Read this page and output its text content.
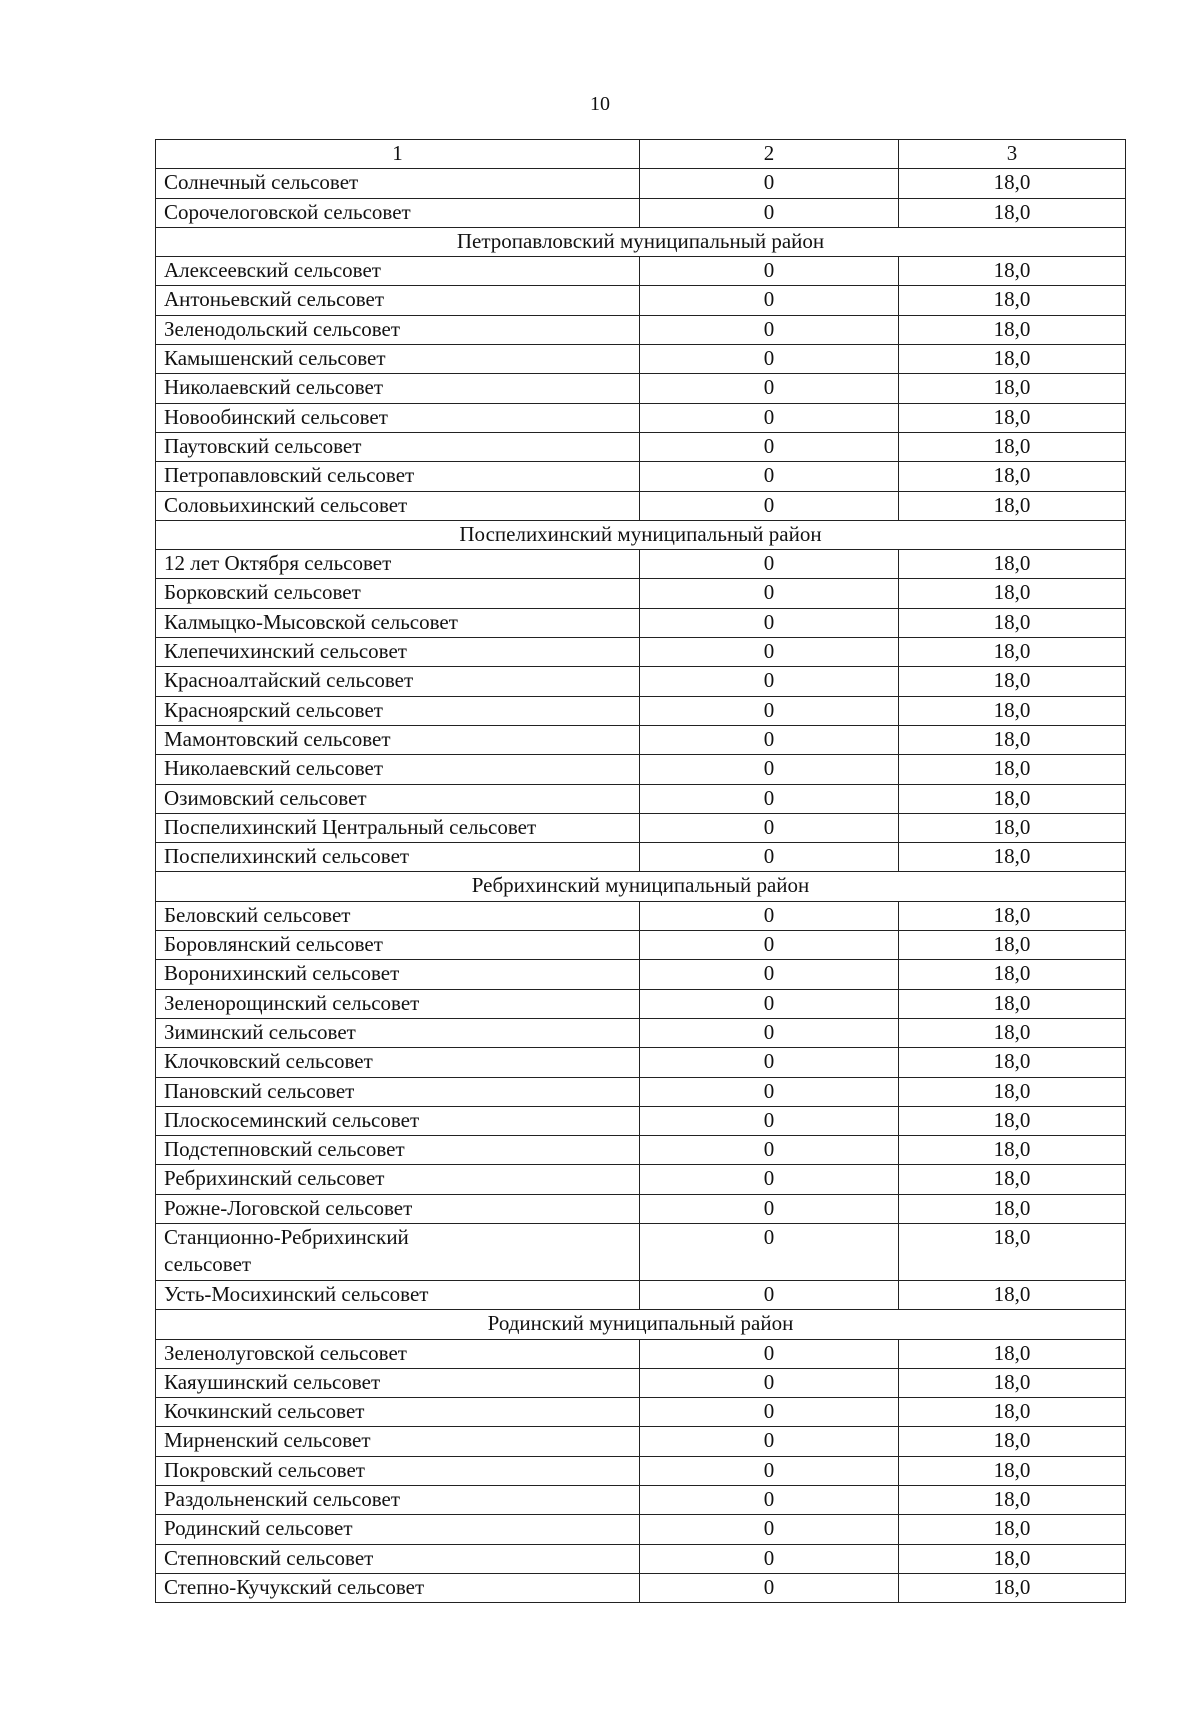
10
1	2	3

Солнечный сельсовет	0	18,0

Сорочелоговской сельсовет	0	18,0
Петропавловский муниципальный район		

Алексеевский сельсовет	0	18,0

Антоньевский сельсовет	0	18,0

Зеленодольский сельсовет	0	18,0

Камышенский сельсовет	0	18,0

Николаевский сельсовет	0	18,0

Новообинский сельсовет	0	18,0

Паутовский сельсовет	0	18,0

Петропавловский сельсовет	0	18,0

Соловьихинский сельсовет	0	18,0
Поспелихинский муниципальный район		

12 лет Октября сельсовет	0	18,0

Борковский сельсовет	0	18,0

Калмыцко-Мысовской сельсовет	0	18,0

Клепечихинский сельсовет	0	18,0

Красноалтайский сельсовет	0	18,0

Красноярский сельсовет	0	18,0

Мамонтовский сельсовет	0	18,0

Николаевский сельсовет	0	18,0

Озимовский сельсовет	0	18,0

Поспелихинский Центральный сельсовет	0	18,0

Поспелихинский сельсовет	0	18,0
Ребрихинский муниципальный район		

Беловский сельсовет	0	18,0

Боровлянский сельсовет	0	18,0

Воронихинский сельсовет	0	18,0

Зеленорощинский сельсовет	0	18,0

Зиминский сельсовет	0	18,0

Клочковский сельсовет	0	18,0

Пановский сельсовет	0	18,0

Плоскосеминский сельсовет	0	18,0

Подстепновский сельсовет	0	18,0

Ребрихинский сельсовет	0	18,0

Рожне-Логовской сельсовет	0	18,0

Станционно-Ребрихинский сельсовет	0	18,0

Усть-Мосихинский сельсовет	0	18,0
Родинский муниципальный район		

Зеленолуговской сельсовет	0	18,0

Каяушинский сельсовет	0	18,0

Кочкинский сельсовет	0	18,0

Мирненский сельсовет	0	18,0

Покровский сельсовет	0	18,0

Раздольненский сельсовет	0	18,0

Родинский сельсовет	0	18,0

Степновский сельсовет	0	18,0

Степно-Кучукский сельсовет	0	18,0
